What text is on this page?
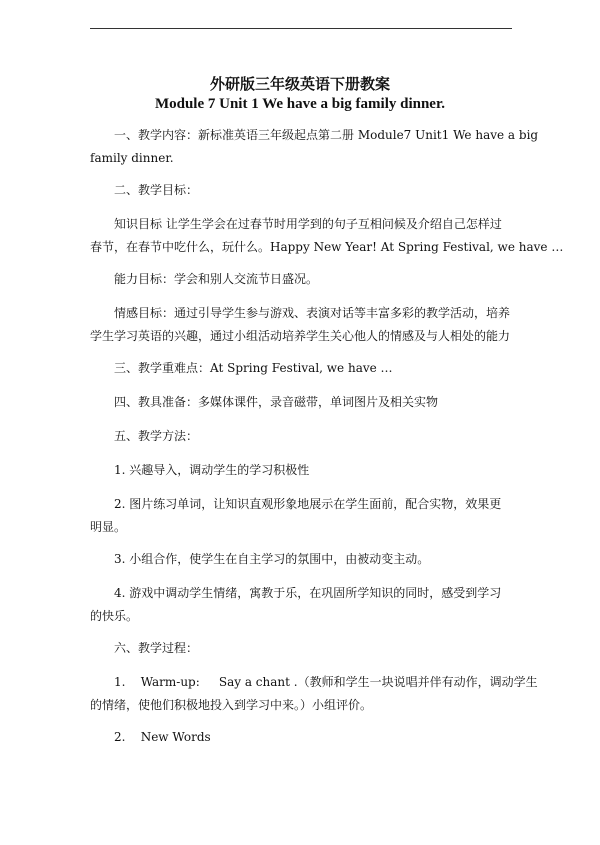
外研版三年级英语下册教案
Module 7 Unit 1 We have a big family dinner.
一、教学内容：新标准英语三年级起点第二册 Module7 Unit1 We have a big
family dinner.
二、教学目标：
知识目标 让学生学会在过春节时用学到的句子互相问候及介绍自己怎样过
春节，在春节中吃什么，玩什么。Happy New Year! At Spring Festival, we have …
能力目标：学会和别人交流节日盛况。
情感目标：通过引导学生参与游戏、表演对话等丰富多彩的教学活动，培养
学生学习英语的兴趣，通过小组活动培养学生关心他人的情感及与人相处的能力
三、教学重难点：At Spring Festival, we have …
四、教具准备：多媒体课件，录音磁带，单词图片及相关实物
五、教学方法：
1. 兴趣导入，调动学生的学习积极性
2. 图片练习单词，让知识直观形象地展示在学生面前，配合实物，效果更
明显。
3. 小组合作，使学生在自主学习的氛围中，由被动变主动。
4. 游戏中调动学生情绪，寓教于乐，在巩固所学知识的同时，感受到学习
的快乐。
六、教学过程：
1.    Warm-up:     Say a chant .（教师和学生一块说唱并伴有动作，调动学生
的情绪，使他们积极地投入到学习中来。）小组评价。
2.    New Words
